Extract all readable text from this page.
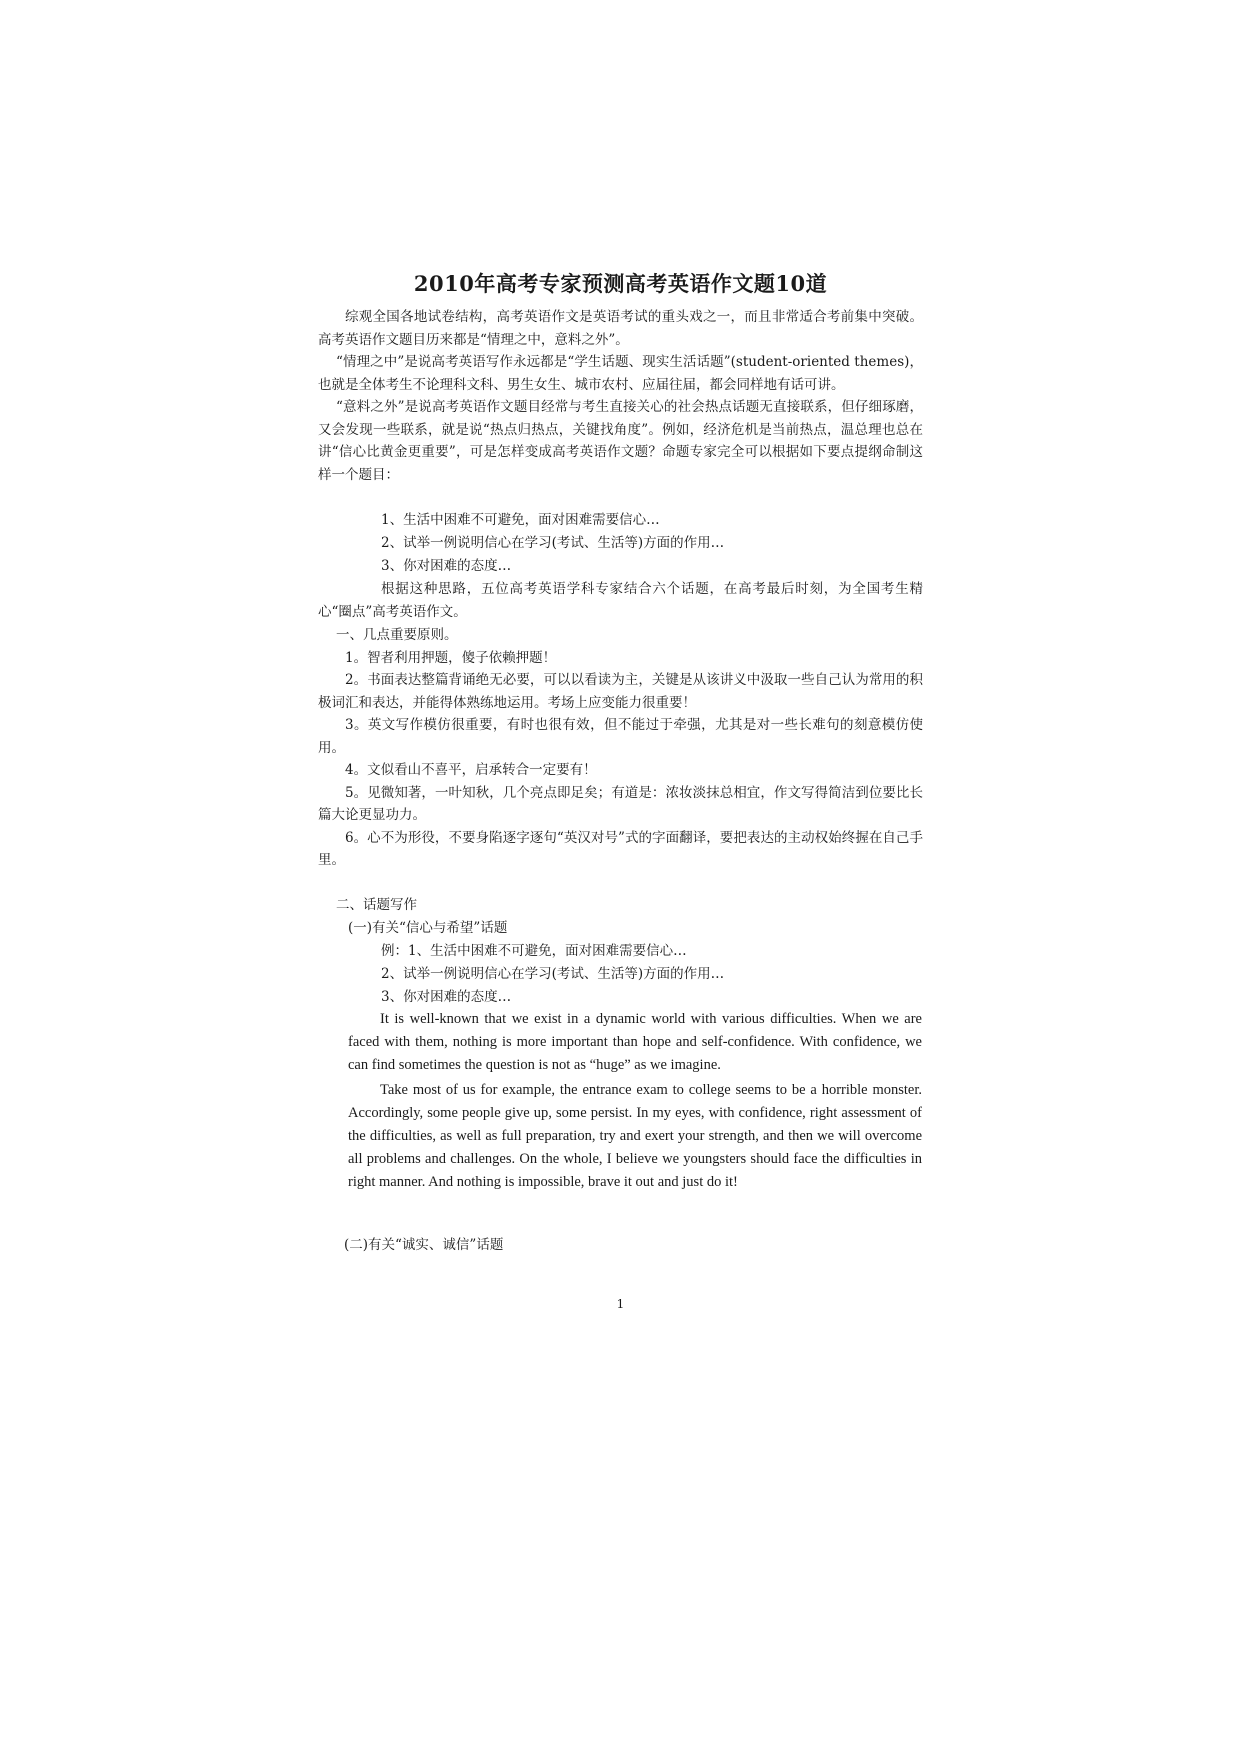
2010年高考专家预测高考英语作文题10道

综观全国各地试卷结构，高考英语作文是英语考试的重头戏之一，而且非常适合考前集中突破。高考英语作文题目历来都是“情理之中，意料之外”。

“情理之中”是说高考英语写作永远都是“学生话题、现实生活话题”(student-oriented themes)，也就是全体考生不论理科文科、男生女生、城市农村、应届往届，都会同样地有话可讲。

“意料之外”是说高考英语作文题目经常与考生直接关心的社会热点话题无直接联系，但仔细琢磨，又会发现一些联系，就是说“热点归热点，关键找角度”。例如，经济危机是当前热点，温总理也总在讲“信心比黄金更重要”，可是怎样变成高考英语作文题？命题专家完全可以根据如下要点提纲命制这样一个题目：

1、生活中困难不可避免，面对困难需要信心…
2、试举一例说明信心在学习(考试、生活等)方面的作用…
3、你对困难的态度…

根据这种思路，五位高考英语学科专家结合六个话题，在高考最后时刻，为全国考生精心“圈点”高考英语作文。

一、几点重要原则。

1。智者利用押题，傻子依赖押题！

2。书面表达整篇背诵绝无必要，可以以看读为主，关键是从该讲义中汲取一些自己认为常用的积极词汇和表达，并能得体熟练地运用。考场上应变能力很重要！

3。英文写作模仿很重要，有时也很有效，但不能过于牵强，尤其是对一些长难句的刻意模仿使用。

4。文似看山不喜平，启承转合一定要有！

5。见微知著，一叶知秋，几个亮点即足矣；有道是：浓妆淡抹总相宜，作文写得简洁到位要比长篇大论更显功力。

6。心不为形役，不要身陷逐字逐句“英汉对号”式的字面翻译，要把表达的主动权始终握在自己手里。

二、话题写作
(一)有关“信心与希望”话题
例：1、生活中困难不可避免，面对困难需要信心…
2、试举一例说明信心在学习(考试、生活等)方面的作用…
3、你对困难的态度…

It is well-known that we exist in a dynamic world with various difficulties. When we are faced with them, nothing is more important than hope and self-confidence. With confidence, we can find sometimes the question is not as “huge” as we imagine.

Take most of us for example, the entrance exam to college seems to be a horrible monster. Accordingly, some people give up, some persist. In my eyes, with confidence, right assessment of the difficulties, as well as full preparation, try and exert your strength, and then we will overcome all problems and challenges. On the whole, I believe we youngsters should face the difficulties in right manner. And nothing is impossible, brave it out and just do it!

(二)有关“诚实、诚信”话题
1
